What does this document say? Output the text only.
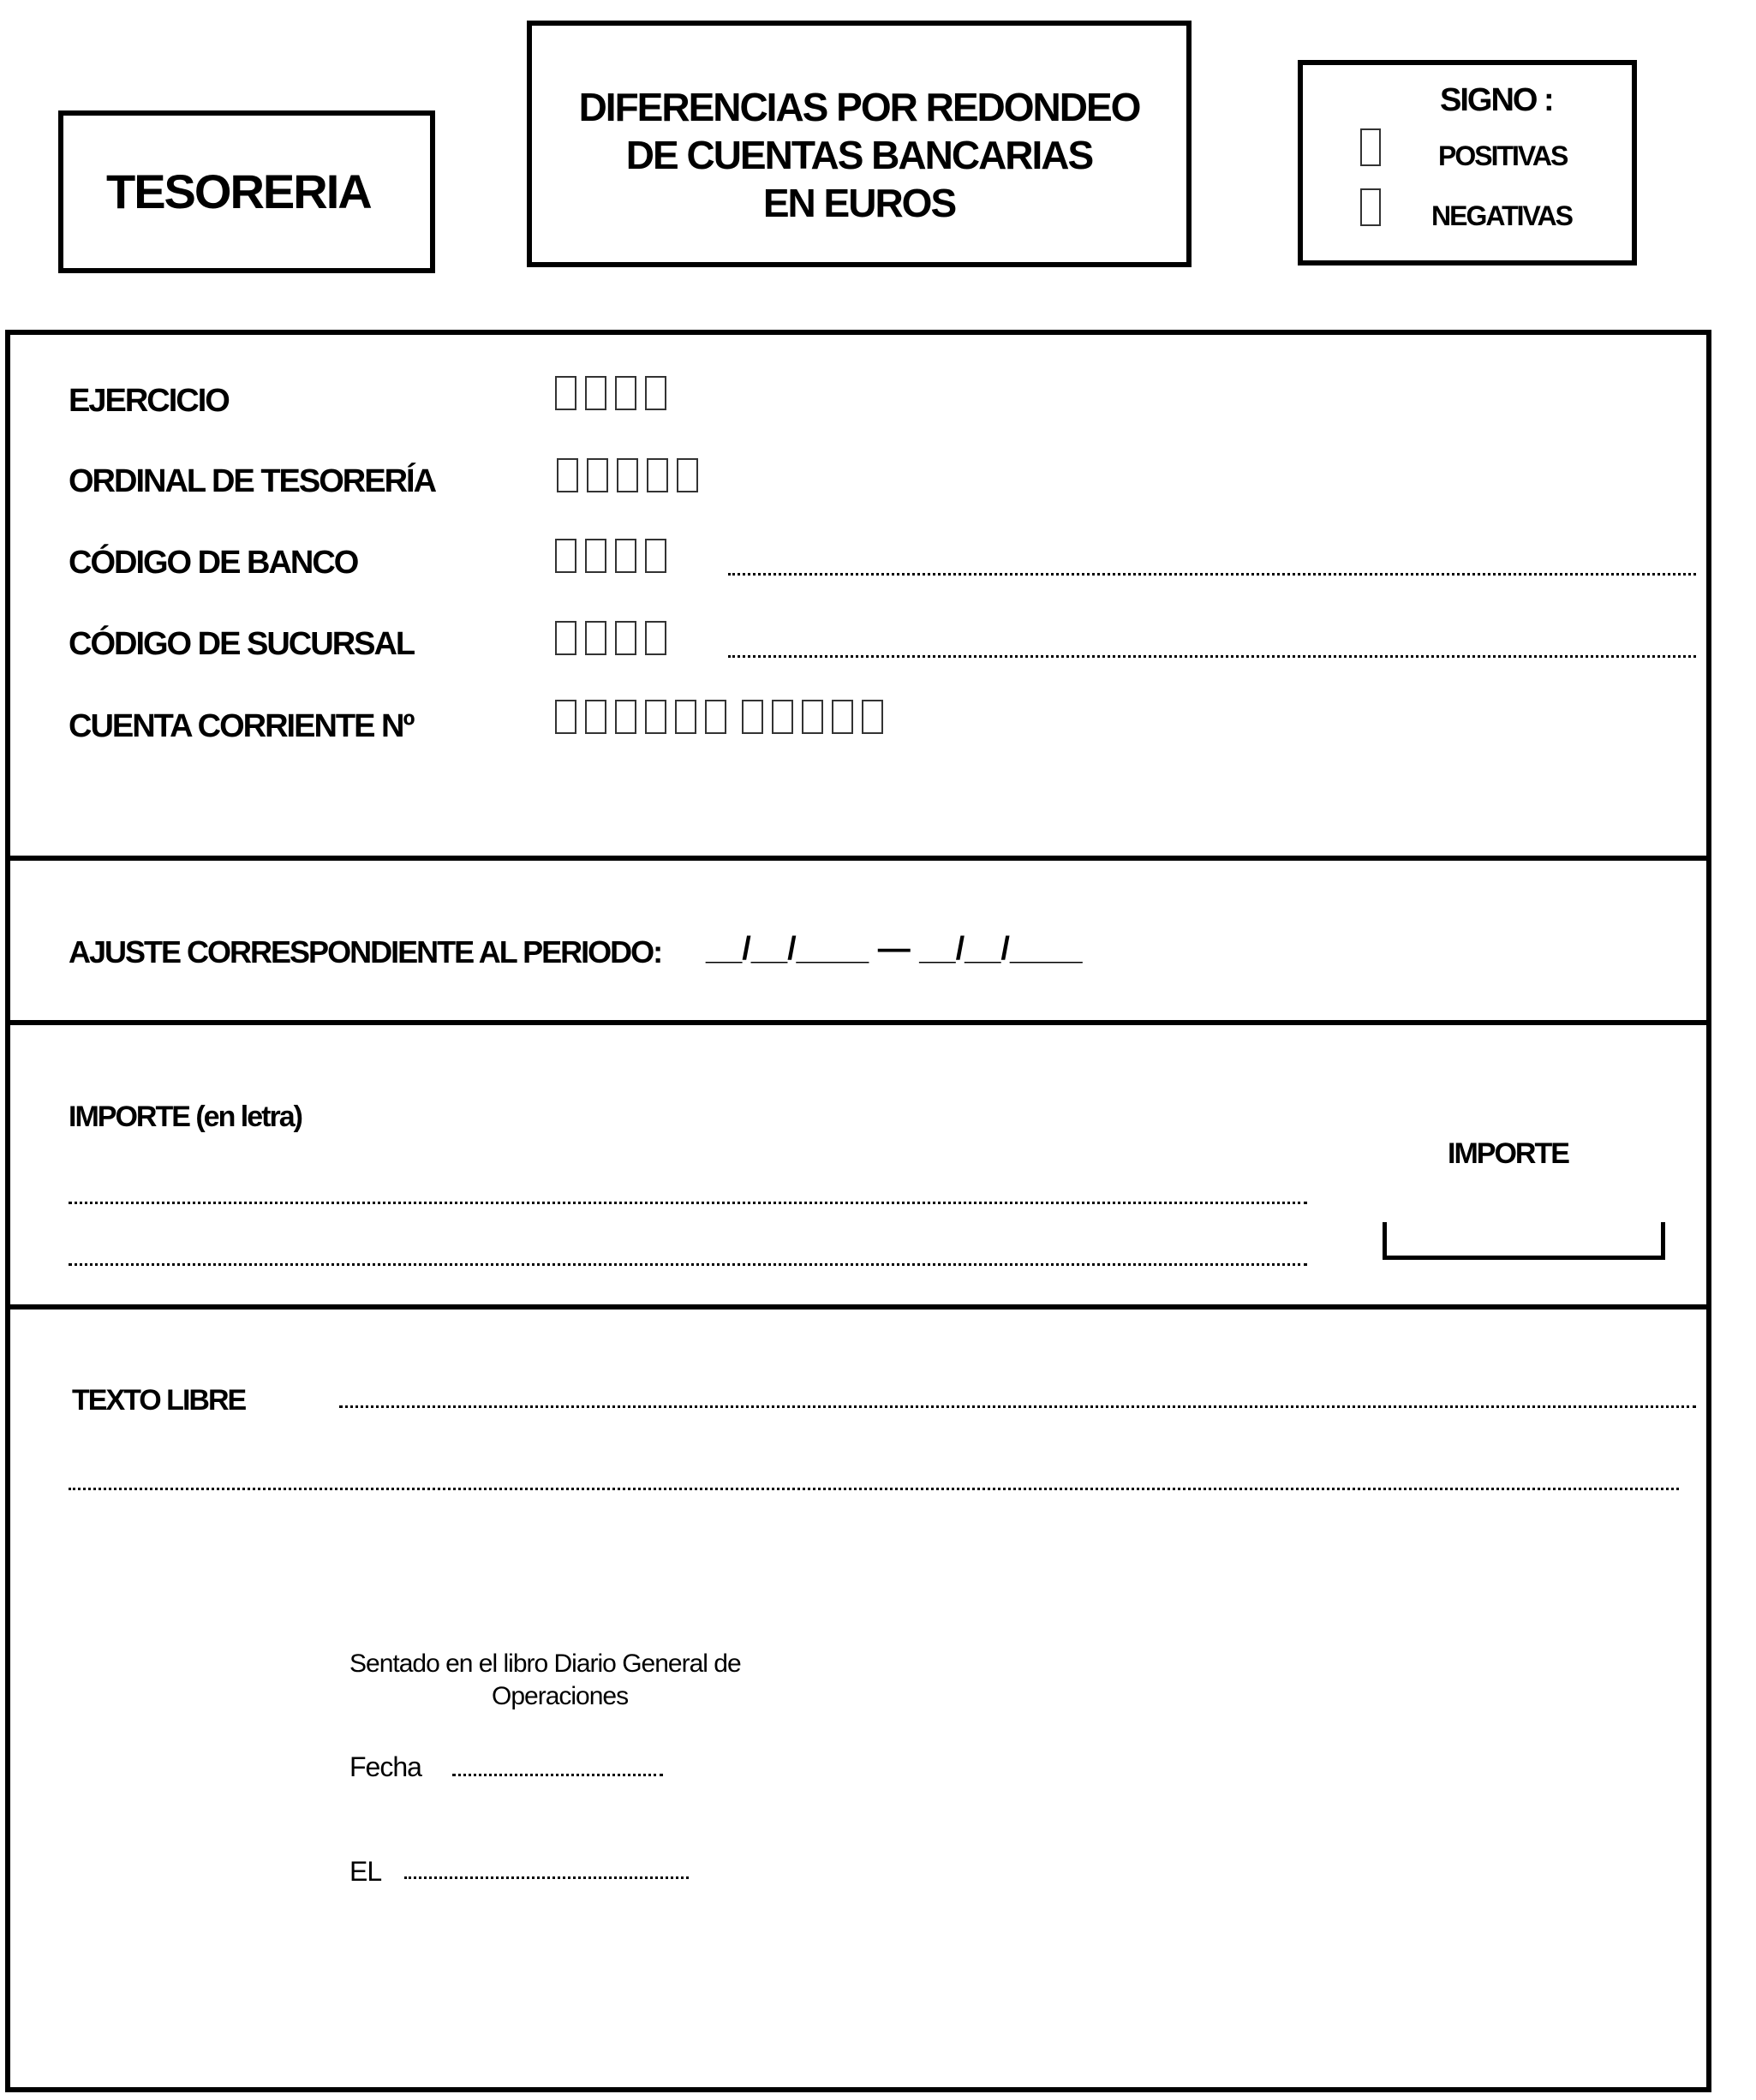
TESORERIA
DIFERENCIAS POR REDONDEO
DE CUENTAS BANCARIAS
EN EUROS
SIGNO :
POSITIVAS
NEGATIVAS
EJERCICIO
ORDINAL DE TESORERÍA
CÓDIGO DE BANCO
CÓDIGO DE SUCURSAL
CUENTA CORRIENTE Nº
AJUSTE CORRESPONDIENTE AL PERIODO: __/__/____ — __/__/____
IMPORTE (en letra)
IMPORTE
TEXTO LIBRE
Sentado en el libro Diario General de
Operaciones
Fecha
EL
